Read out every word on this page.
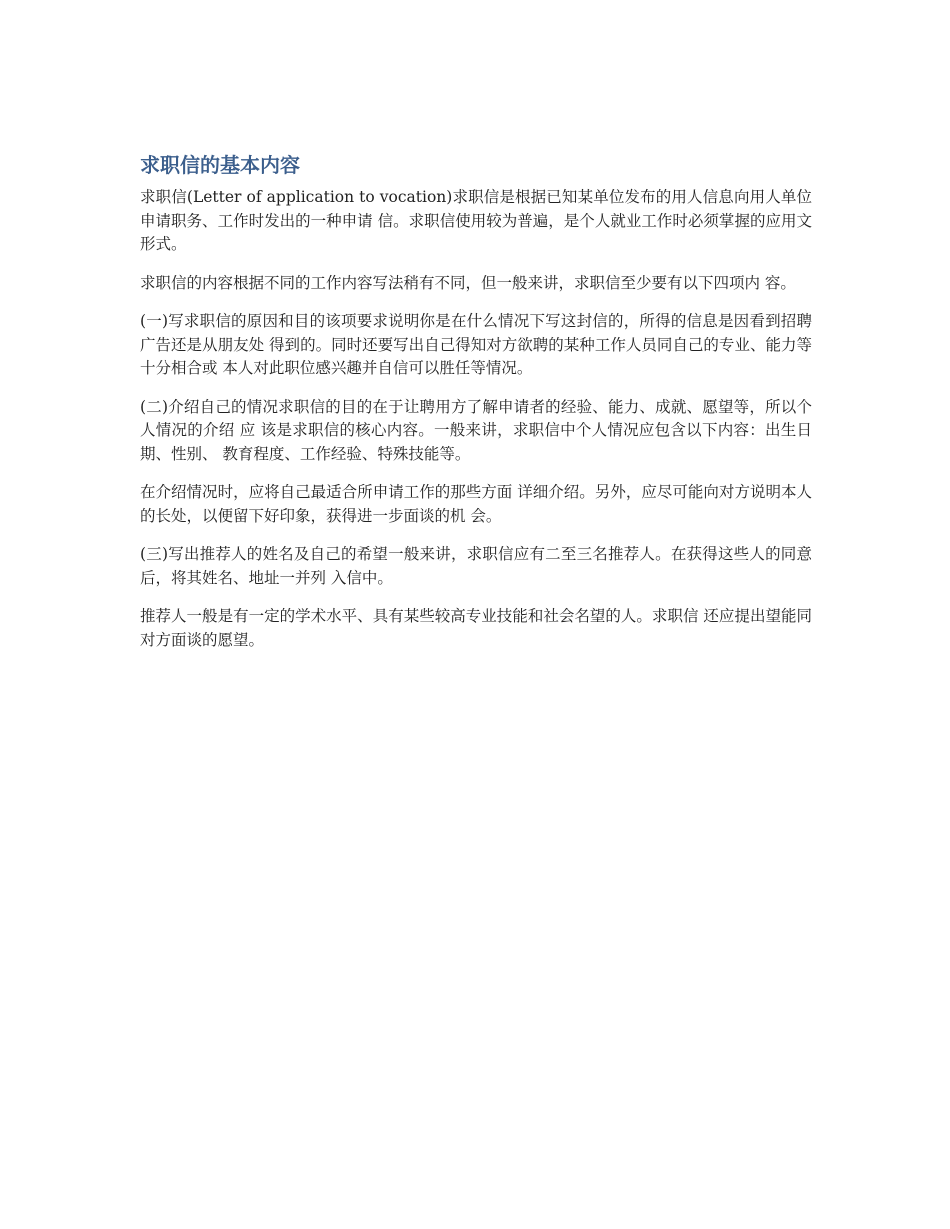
求职信的基本内容

求职信(Letter of application to vocation)求职信是根据已知某单位发布的用人信息向用人单位申请职务、工作时发出的一种申请 信。求职信使用较为普遍，是个人就业工作时必须掌握的应用文形式。

求职信的内容根据不同的工作内容写法稍有不同，但一般来讲，求职信至少要有以下四项内 容。

(一)写求职信的原因和目的该项要求说明你是在什么情况下写这封信的，所得的信息是因看到招聘广告还是从朋友处 得到的。同时还要写出自己得知对方欲聘的某种工作人员同自己的专业、能力等十分相合或 本人对此职位感兴趣并自信可以胜任等情况。

(二)介绍自己的情况求职信的目的在于让聘用方了解申请者的经验、能力、成就、愿望等，所以个人情况的介绍 应 该是求职信的核心内容。一般来讲，求职信中个人情况应包含以下内容：出生日期、性别、 教育程度、工作经验、特殊技能等。

在介绍情况时，应将自己最适合所申请工作的那些方面 详细介绍。另外，应尽可能向对方说明本人的长处，以便留下好印象，获得进一步面谈的机 会。

(三)写出推荐人的姓名及自己的希望一般来讲，求职信应有二至三名推荐人。在获得这些人的同意后，将其姓名、地址一并列 入信中。

推荐人一般是有一定的学术水平、具有某些较高专业技能和社会名望的人。求职信 还应提出望能同对方面谈的愿望。
